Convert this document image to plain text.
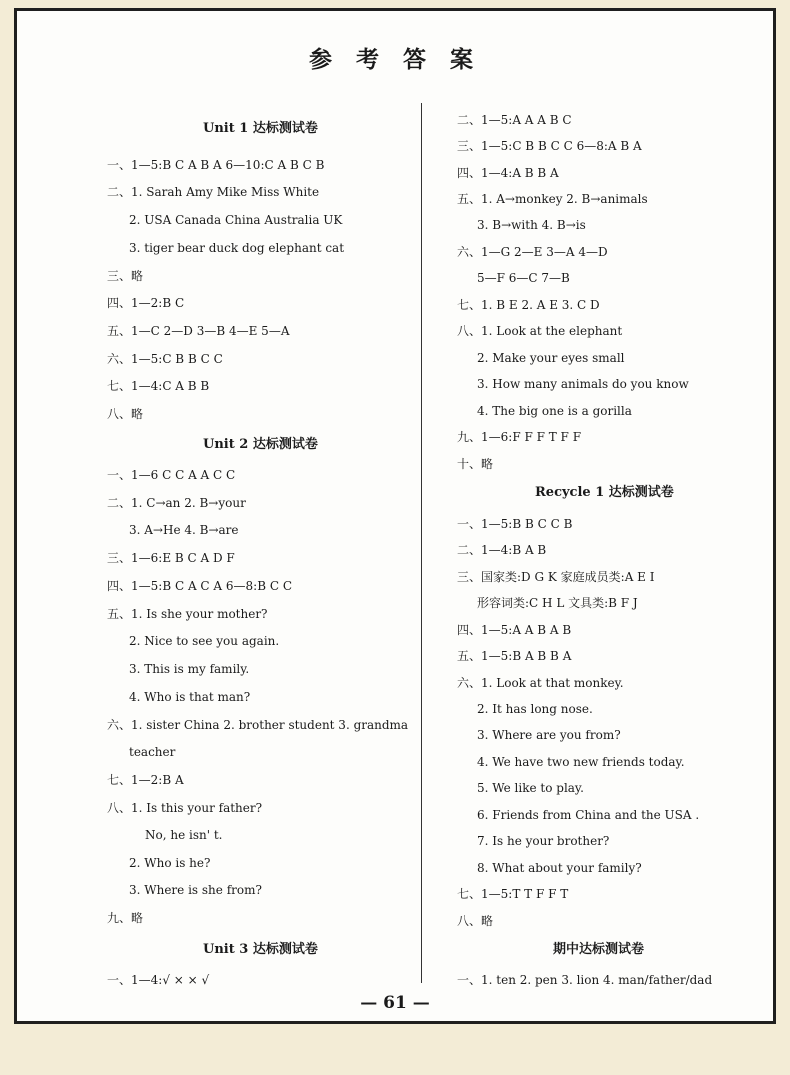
参 考 答 案
Unit 1 达标测试卷
一、1—5:B C A B A 6—10:C A B C B
二、1. Sarah Amy Mike Miss White
2. USA Canada China Australia UK
3. tiger bear duck dog elephant cat
三、略
四、1—2:B C
五、1—C 2—D 3—B 4—E 5—A
六、1—5:C B B C C
七、1—4:C A B B
八、略
Unit 2 达标测试卷
一、1—6 C C A A C C
二、1. C→an 2. B→your
3. A→He 4. B→are
三、1—6:E B C A D F
四、1—5:B C A C A 6—8:B C C
五、1. Is she your mother?
2. Nice to see you again.
3. This is my family.
4. Who is that man?
六、1. sister China 2. brother student 3. grandma
teacher
七、1—2:B A
八、1. Is this your father?
No, he isn' t.
2. Who is he?
3. Where is she from?
九、略
Unit 3 达标测试卷
一、1—4:√ × × √
二、1—5:A A A B C
三、1—5:C B B C C 6—8:A B A
四、1—4:A B B A
五、1. A→monkey 2. B→animals
3. B→with 4. B→is
六、1—G 2—E 3—A 4—D
5—F 6—C 7—B
七、1. B E 2. A E 3. C D
八、1. Look at the elephant
2. Make your eyes small
3. How many animals do you know
4. The big one is a gorilla
九、1—6:F F F T F F
十、略
Recycle 1 达标测试卷
一、1—5:B B C C B
二、1—4:B A B
三、国家类:D G K 家庭成员类:A E I
形容词类:C H L 文具类:B F J
四、1—5:A A B A B
五、1—5:B A B B A
六、1. Look at that monkey.
2. It has long nose.
3. Where are you from?
4. We have two new friends today.
5. We like to play.
6. Friends from China and the USA .
7. Is he your brother?
8. What about your family?
七、1—5:T T F F T
八、略
期中达标测试卷
一、1. ten 2. pen 3. lion 4. man/father/dad
— 61 —
